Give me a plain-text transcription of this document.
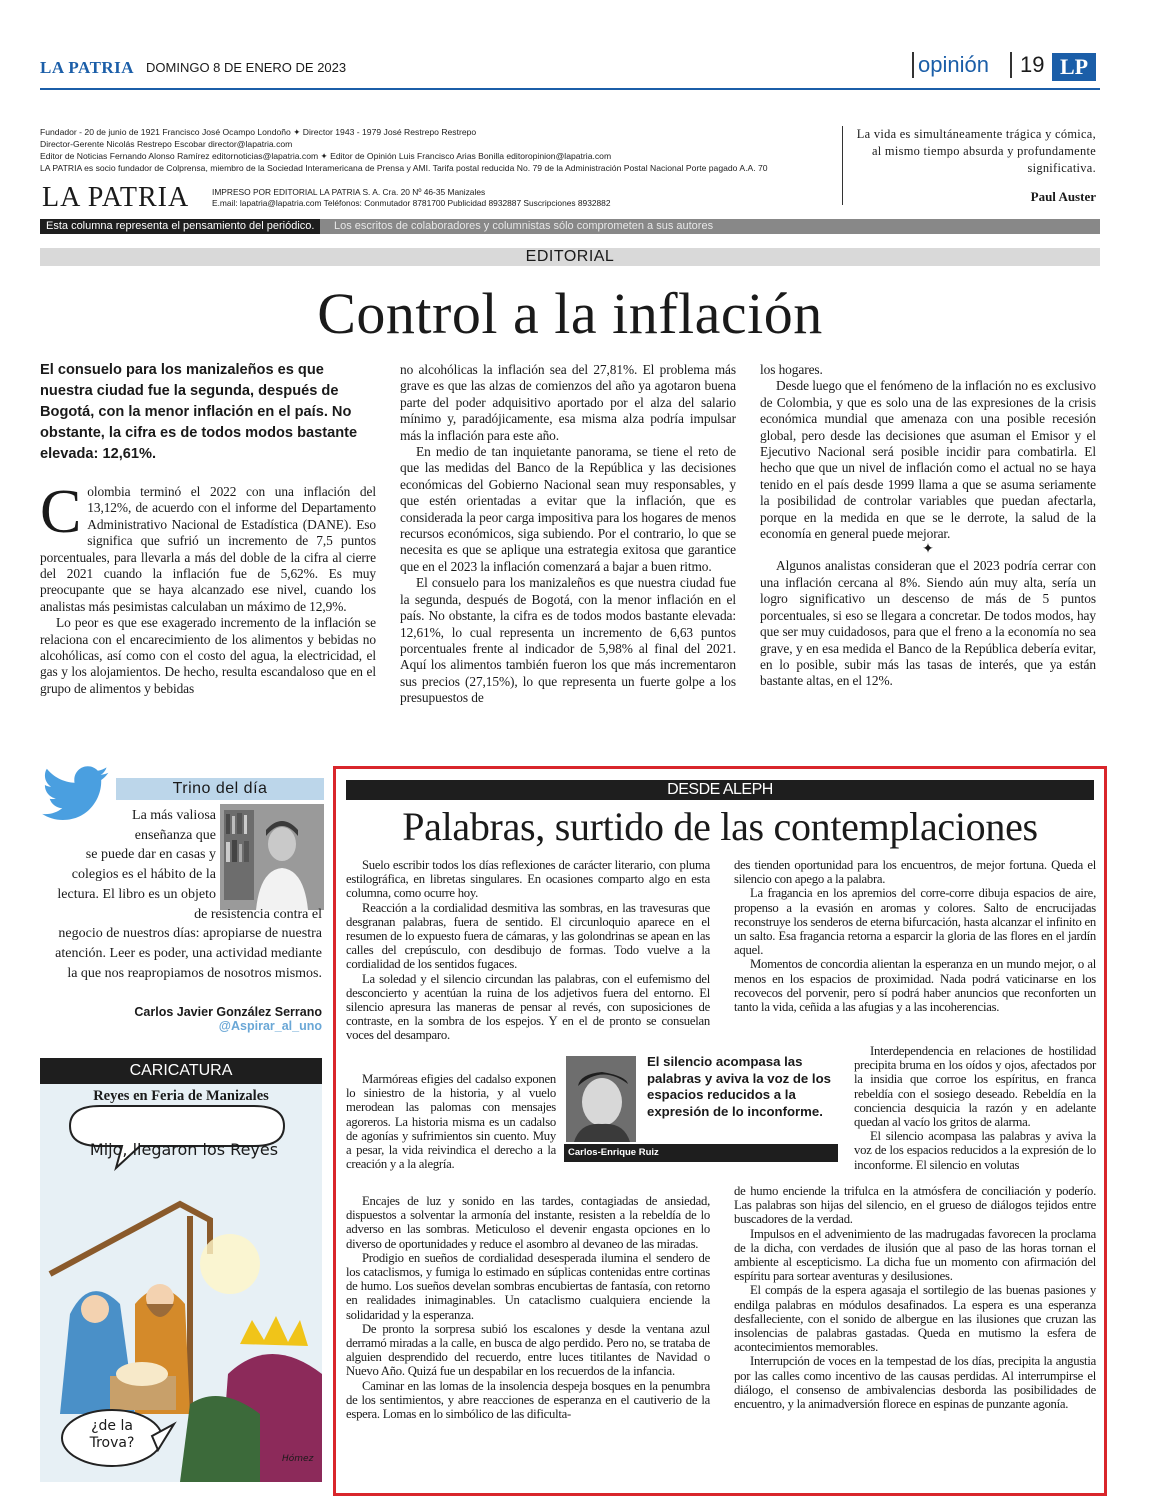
LA PATRIA DOMINGO 8 DE ENERO DE 2023	opinión	19 LP
Fundador - 20 de junio de 1921 Francisco José Ocampo Londoño ✦ Director 1943 - 1979 José Restrepo Restrepo
Director-Gerente Nicolás Restrepo Escobar director@lapatria.com
Editor de Noticias Fernando Alonso Ramírez editornoticias@lapatria.com ✦ Editor de Opinión Luis Francisco Arias Bonilla editoropinion@lapatria.com
LA PATRIA es socio fundador de Colprensa, miembro de la Sociedad Interamericana de Prensa y AMI. Tarifa postal reducida No. 79 de la Administración Postal Nacional Porte pagado A.A. 70
LA PATRIA	IMPRESO POR EDITORIAL LA PATRIA S. A. Cra. 20 Nº 46-35 Manizales
E.mail: lapatria@lapatria.com Teléfonos: Conmutador 8781700 Publicidad 8932887 Suscripciones 8932882
La vida es simultáneamente trágica y cómica, al mismo tiempo absurda y profundamente significativa.
Paul Auster
Esta columna representa el pensamiento del periódico.	Los escritos de colaboradores y columnistas sólo comprometen a sus autores
EDITORIAL
Control a la inflación
El consuelo para los manizaleños es que nuestra ciudad fue la segunda, después de Bogotá, con la menor inflación en el país. No obstante, la cifra es de todos modos bastante elevada: 12,61%.

Colombia terminó el 2022 con una inflación del 13,12%, de acuerdo con el informe del Departamento Administrativo Nacional de Estadística (DANE). Eso significa que sufrió un incremento de 7,5 puntos porcentuales, para llevarla a más del doble de la cifra al cierre del 2021 cuando la inflación fue de 5,62%. Es muy preocupante que se haya alcanzado ese nivel, cuando los analistas más pesimistas calculaban un máximo de 12,9%.

Lo peor es que ese exagerado incremento de la inflación se relaciona con el encarecimiento de los alimentos y bebidas no alcohólicas, así como con el costo del agua, la electricidad, el gas y los alojamientos. De hecho, resulta escandaloso que en el grupo de alimentos y bebidas

no alcohólicas la inflación sea del 27,81%. El problema más grave es que las alzas de comienzos del año ya agotaron buena parte del poder adquisitivo aportado por el alza del salario mínimo y, paradójicamente, esa misma alza podría impulsar más la inflación para este año.

En medio de tan inquietante panorama, se tiene el reto de que las medidas del Banco de la República y las decisiones económicas del Gobierno Nacional sean muy responsables, y que estén orientadas a evitar que la inflación, que es considerada la peor carga impositiva para los hogares de menos recursos económicos, siga subiendo. Por el contrario, lo que se necesita es que se aplique una estrategia exitosa que garantice que en el 2023 la inflación comenzará a bajar a buen ritmo.

El consuelo para los manizaleños es que nuestra ciudad fue la segunda, después de Bogotá, con la menor inflación en el país. No obstante, la cifra es de todos modos bastante elevada: 12,61%, lo cual representa un incremento de 6,63 puntos porcentuales frente al indicador de 5,98% al final del 2021. Aquí los alimentos también fueron los que más incrementaron sus precios (27,15%), lo que representa un fuerte golpe a los presupuestos de

los hogares.

Desde luego que el fenómeno de la inflación no es exclusivo de Colombia, y que es solo una de las expresiones de la crisis económica mundial que amenaza con una posible recesión global, pero desde las decisiones que asuman el Emisor y el Ejecutivo Nacional será posible incidir para combatirla. El hecho que que un nivel de inflación como el actual no se haya tenido en el país desde 1999 llama a que se asuma seriamente la posibilidad de controlar variables que puedan afectarla, porque en la medida en que se le derrote, la salud de la economía en general puede mejorar.

✦

Algunos analistas consideran que el 2023 podría cerrar con una inflación cercana al 8%. Siendo aún muy alta, sería un logro significativo un descenso de más de 5 puntos porcentuales, si eso se llegara a concretar. De todos modos, hay que ser muy cuidadosos, para que el freno a la economía no sea grave, y en esa medida el Banco de la República debería evitar, en lo posible, subir más las tasas de interés, que ya están bastante altas, en el 12%.

Trino del día
La más valiosa
enseñanza que
se puede dar en casas y
colegios es el hábito de la
lectura. El libro es un objeto
de resistencia contra el
negocio de nuestros días: apropiarse de nuestra
atención. Leer es poder, una actividad mediante
la que nos reapropiamos de nosotros mismos.
Carlos Javier González Serrano
@Aspirar_al_uno
CARICATURA
Reyes en Feria de Manizales
Mijo, llegaron los Reyes
¿de la
Trova?
Hómez
DESDE ALEPH
Palabras, surtido de las contemplaciones

Suelo escribir todos los días reflexiones de carácter literario, con pluma estilográfica, en libretas singulares. En ocasiones comparto algo en esta columna, como ocurre hoy.

Reacción a la cordialidad desmitiva las sombras, en las travesuras que desgranan palabras, fuera de sentido. El circunloquio aparece en el resumen de lo expuesto fuera de cámaras, y las golondrinas se apean en las calles del crepúsculo, con desdibujo de formas. Todo vuelve a la cordialidad de los sentidos fugaces.

La soledad y el silencio circundan las palabras, con el eufemismo del desconcierto y acentúan la ruina de los adjetivos fuera del entorno. El silencio apresura las maneras de pensar al revés, con suposiciones de contraste, en la sombra de los espejos. Y en el de pronto se consuelan voces del desamparo.

Marmóreas efigies del cadalso exponen lo siniestro de la historia, y al vuelo merodean las palomas con mensajes agoreros. La historia misma es un cadalso de agonías y sufrimientos sin cuento. Muy a pesar, la vida reivindica el derecho a la creación y a la alegría.

Encajes de luz y sonido en las tardes, contagiadas de ansiedad, dispuestos a solventar la armonía del instante, resisten a la rebeldía de lo adverso en las sombras. Meticuloso el devenir engasta opciones en lo diverso de oportunidades y reduce el asombro al devaneo de las miradas.

Prodigio en sueños de cordialidad desesperada ilumina el sendero de los cataclismos, y fumiga lo estimado en súplicas contenidas entre cortinas de humo. Los sueños develan sombras encubiertas de fantasía, con retorno en realidades inimaginables. Un cataclismo cualquiera enciende la solidaridad y la esperanza.

De pronto la sorpresa subió los escalones y desde la ventana azul derramó miradas a la calle, en busca de algo perdido. Pero no, se trataba de alguien desprendido del recuerdo, entre luces titilantes de Navidad o Nuevo Año. Quizá fue un despabilar en los recuerdos de la infancia.

Caminar en las lomas de la insolencia despeja bosques en la penumbra de los sentimientos, y abre reacciones de esperanza en el cautiverio de la espera. Lomas en lo simbólico de las dificulta-

El silencio acompasa las palabras y aviva la voz de los espacios reducidos a la expresión de lo inconforme.
Carlos-Enrique Ruiz

des tienden oportunidad para los encuentros, de mejor fortuna. Queda el silencio con apego a la palabra.

La fragancia en los apremios del corre-corre dibuja espacios de aire, propenso a la evasión en aromas y colores. Salto de encrucijadas reconstruye los senderos de eterna bifurcación, hasta alcanzar el infinito en un salto. Esa fragancia retorna a esparcir la gloria de las flores en el jardín aquel.

Momentos de concordia alientan la esperanza en un mundo mejor, o al menos en los espacios de proximidad. Nada podrá vaticinarse en los recovecos del porvenir, pero sí podrá haber anuncios que reconforten un tanto la vida, ceñida a las afugias y a las incoherencias.

Interdependencia en relaciones de hostilidad precipita bruma en los oídos y ojos, afectados por la insidia que corroe los espíritus, en franca rebeldía con el sosiego deseado. Rebeldía en la conciencia desquicia la razón y en adelante quedan al vacío los gritos de alarma.

El silencio acompasa las palabras y aviva la voz de los espacios reducidos a la expresión de lo inconforme. El silencio en volutas

de humo enciende la trifulca en la atmósfera de conciliación y poderío. Las palabras son hijas del silencio, en el grueso de diálogos tejidos entre buscadores de la verdad.

Impulsos en el advenimiento de las madrugadas favorecen la proclama de la dicha, con verdades de ilusión que al paso de las horas tornan el ambiente al escepticismo. La dicha fue un momento con afirmación del espíritu para sortear aventuras y desilusiones.

El compás de la espera agasaja el sortilegio de las buenas pasiones y endilga palabras en módulos desafinados. La espera es una esperanza desfalleciente, con el sonido de albergue en las ilusiones que cruzan las insolencias de palabras gastadas. Queda en mutismo la esfera de acontecimientos memorables.

Interrupción de voces en la tempestad de los días, precipita la angustia por las calles como incentivo de las causas perdidas. Al interrumpirse el diálogo, el consenso de ambivalencias desborda las posibilidades de encuentro, y la animadversión florece en espinas de punzante agonía.
